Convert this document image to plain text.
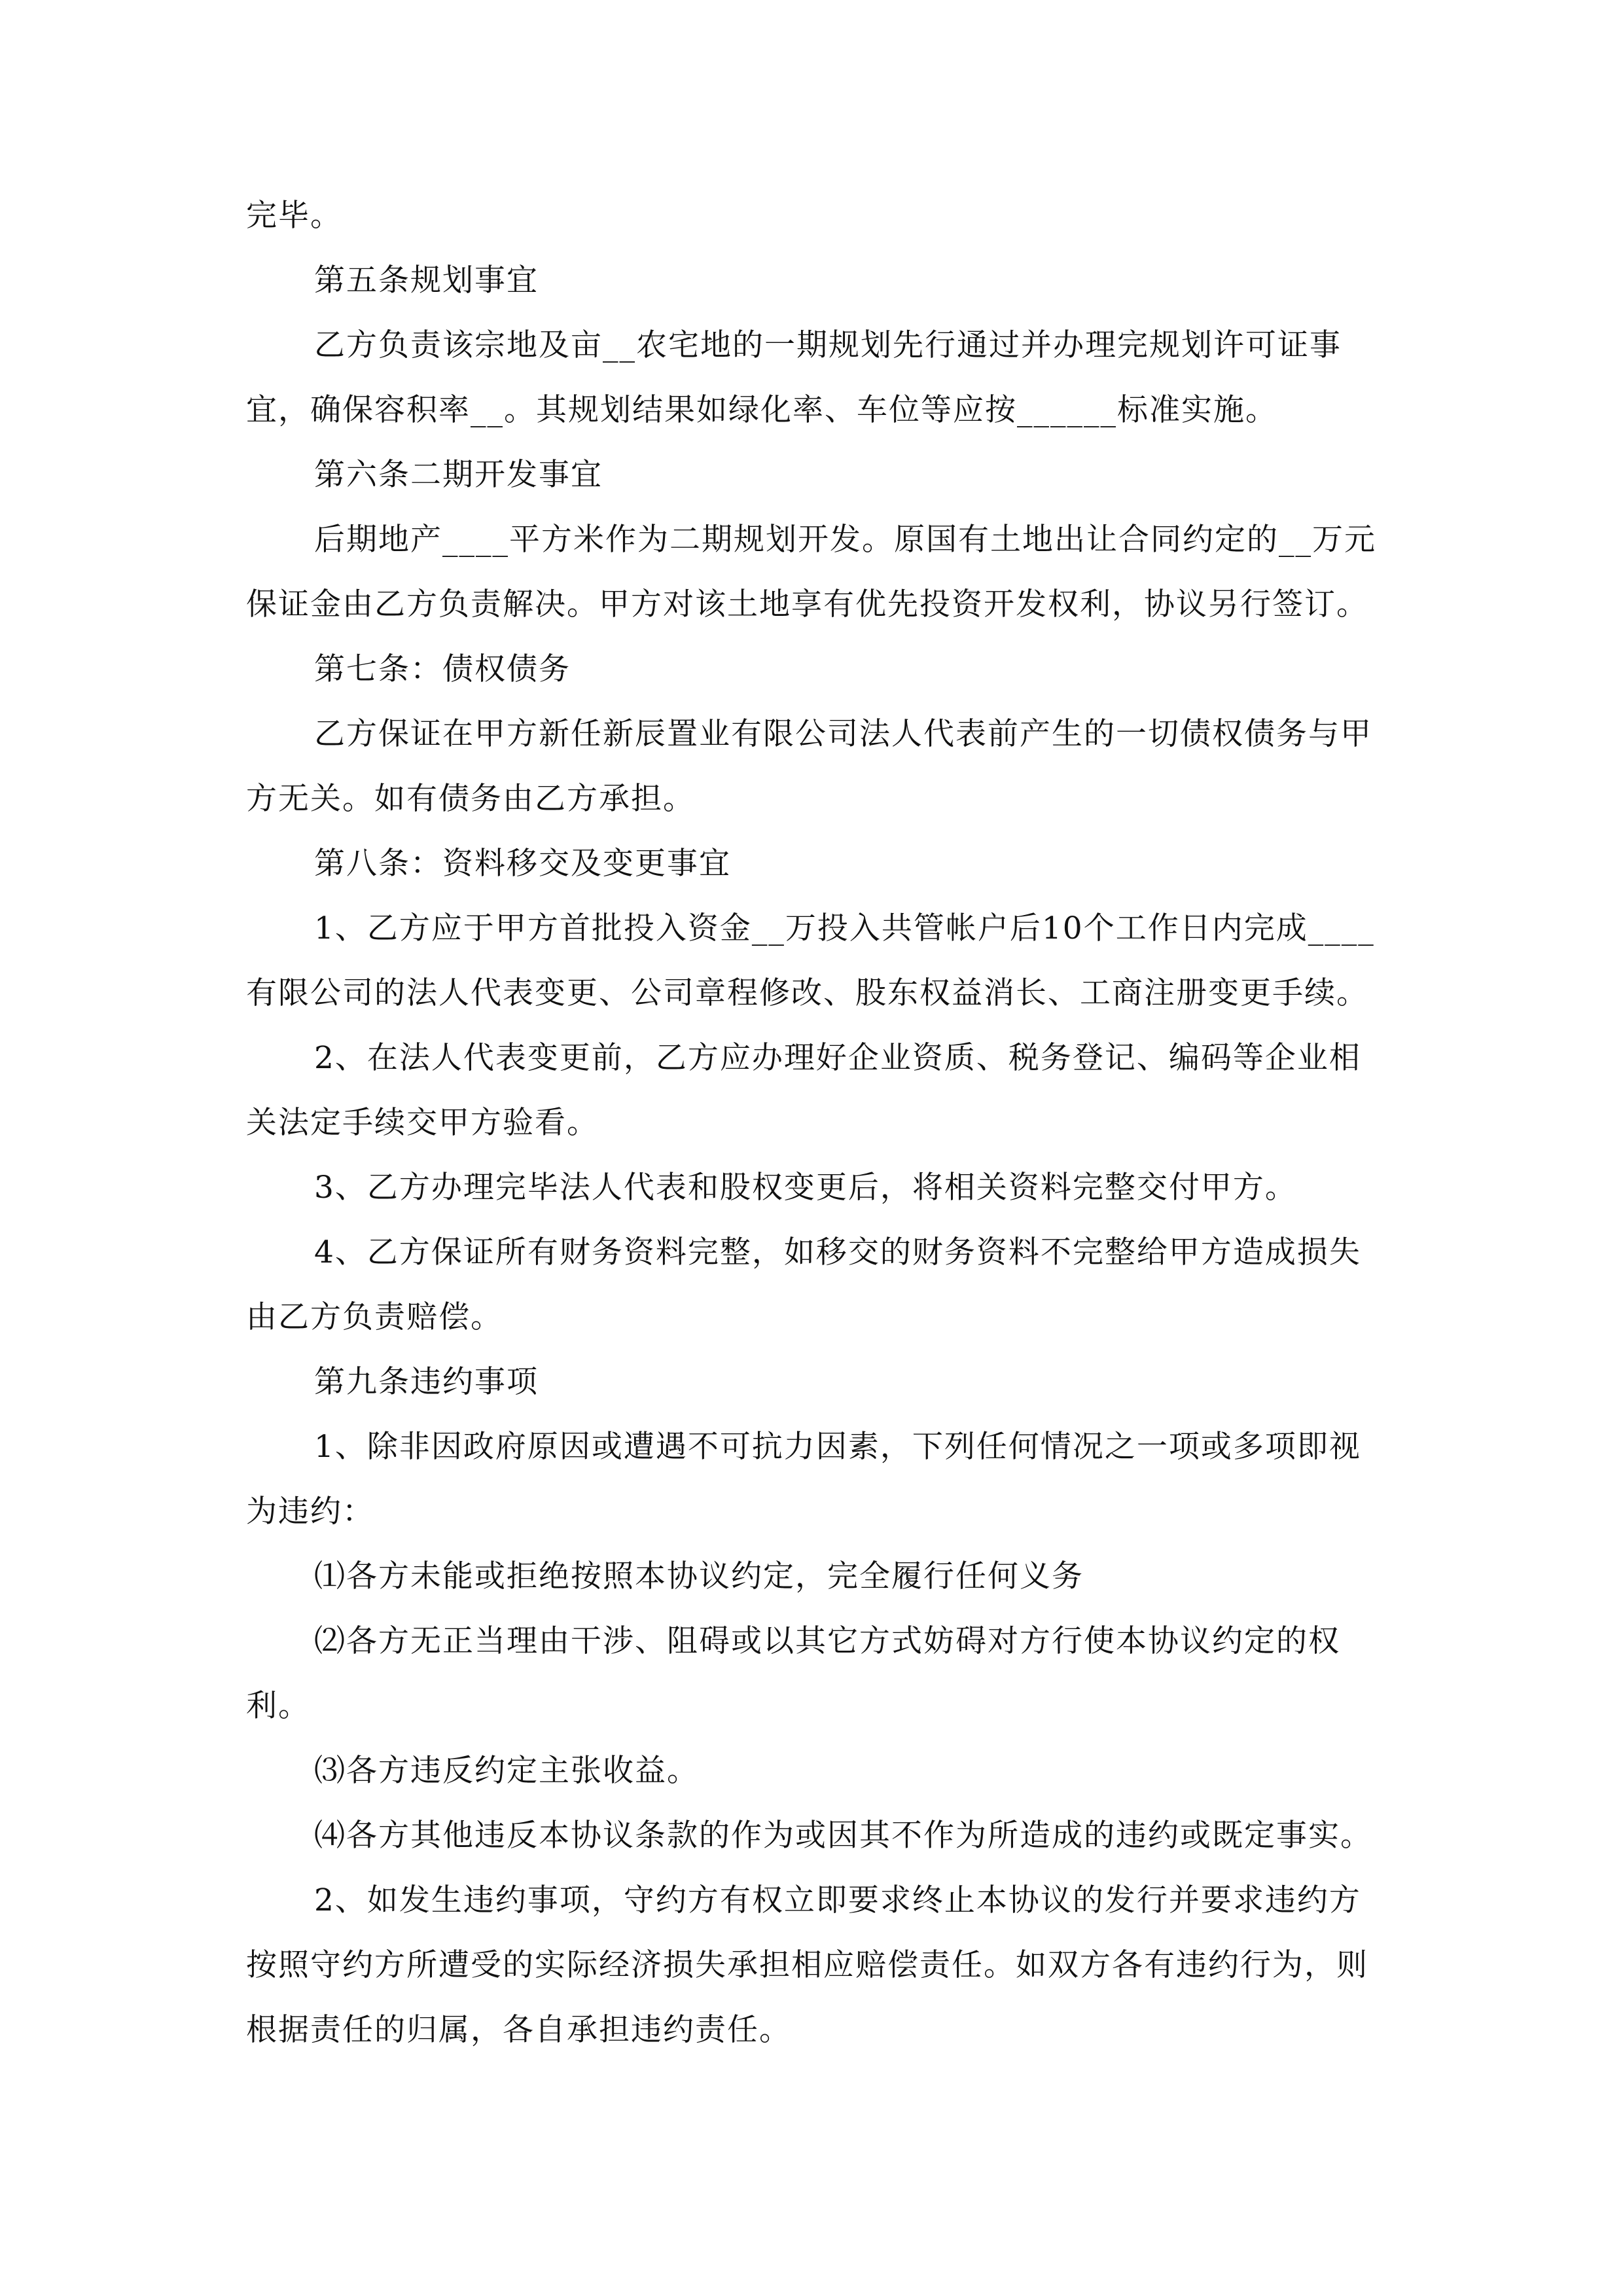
完毕。

第五条规划事宜

乙方负责该宗地及亩__农宅地的一期规划先行通过并办理完规划许可证事宜，确保容积率__。其规划结果如绿化率、车位等应按______标准实施。

第六条二期开发事宜

后期地产____平方米作为二期规划开发。原国有土地出让合同约定的__万元保证金由乙方负责解决。甲方对该土地享有优先投资开发权利，协议另行签订。

第七条：债权债务

乙方保证在甲方新任新辰置业有限公司法人代表前产生的一切债权债务与甲方无关。如有债务由乙方承担。

第八条：资料移交及变更事宜

1、乙方应于甲方首批投入资金__万投入共管帐户后10个工作日内完成____有限公司的法人代表变更、公司章程修改、股东权益消长、工商注册变更手续。

2、在法人代表变更前，乙方应办理好企业资质、税务登记、编码等企业相关法定手续交甲方验看。

3、乙方办理完毕法人代表和股权变更后，将相关资料完整交付甲方。

4、乙方保证所有财务资料完整，如移交的财务资料不完整给甲方造成损失由乙方负责赔偿。

第九条违约事项

1、除非因政府原因或遭遇不可抗力因素，下列任何情况之一项或多项即视为违约：

⑴各方未能或拒绝按照本协议约定，完全履行任何义务

⑵各方无正当理由干涉、阻碍或以其它方式妨碍对方行使本协议约定的权利。

⑶各方违反约定主张收益。

⑷各方其他违反本协议条款的作为或因其不作为所造成的违约或既定事实。

2、如发生违约事项，守约方有权立即要求终止本协议的发行并要求违约方按照守约方所遭受的实际经济损失承担相应赔偿责任。如双方各有违约行为，则根据责任的归属，各自承担违约责任。
